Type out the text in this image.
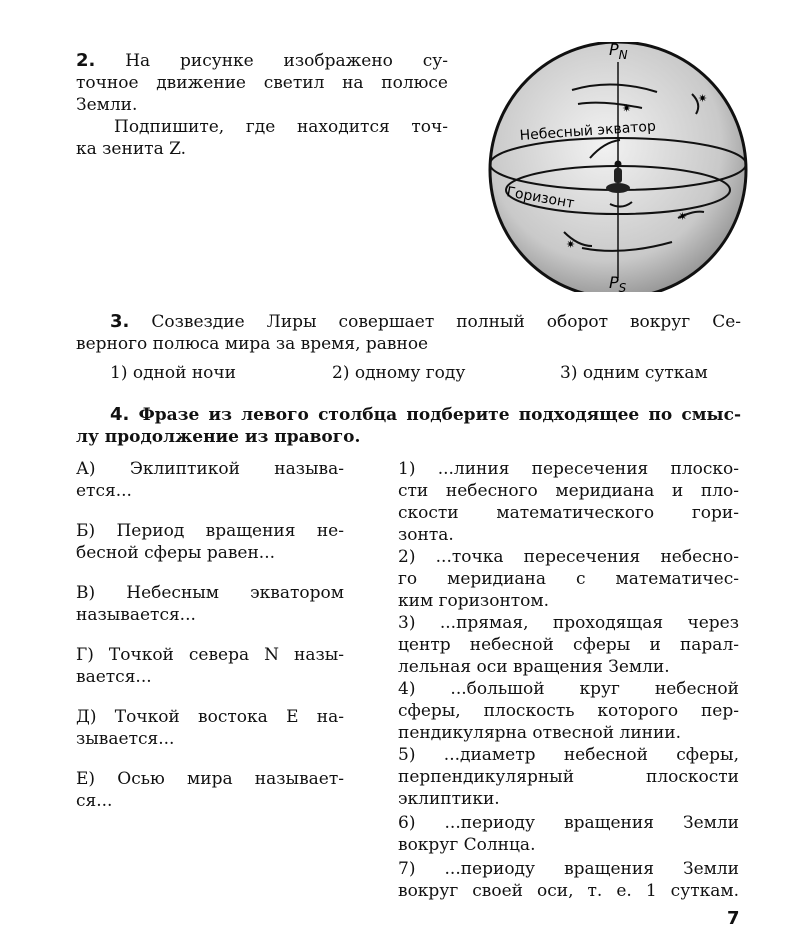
2. На рисунке изображено су-
точное движение светил на полюсе
Земли.
Подпишите, где находится точ-
ка зенита Z.
✷
✷
✷
✷
$P_N$
$P_S$
Небесный экватор
Горизонт
3. Созвездие Лиры совершает полный оборот вокруг Се-
верного полюса мира за время, равное
1) одной ночи	2) одному году	3) одним суткам
4. Фразе из левого столбца подберите подходящее по смыс-
лу продолжение из правого.
А) Эклиптикой называ-
ется...
Б) Период вращения не-
бесной сферы равен...
В) Небесным экватором
называется...
Г) Точкой севера N назы-
вается...
Д) Точкой востока E на-
зывается...
Е) Осью мира называет-
ся...
1) ...линия пересечения плоско-
сти небесного меридиана и пло-
скости математического гори-
зонта.
2) ...точка пересечения небесно-
го меридиана с математичес-
ким горизонтом.
3) ...прямая, проходящая через
центр небесной сферы и парал-
лельная оси вращения Земли.
4) ...большой круг небесной
сферы, плоскость которого пер-
пендикулярна отвесной линии.
5) ...диаметр небесной сферы,
перпендикулярный плоскости
эклиптики.
6) ...периоду вращения Земли
вокруг Солнца.
7) ...периоду вращения Земли
вокруг своей оси, т. е. 1 суткам.
7
